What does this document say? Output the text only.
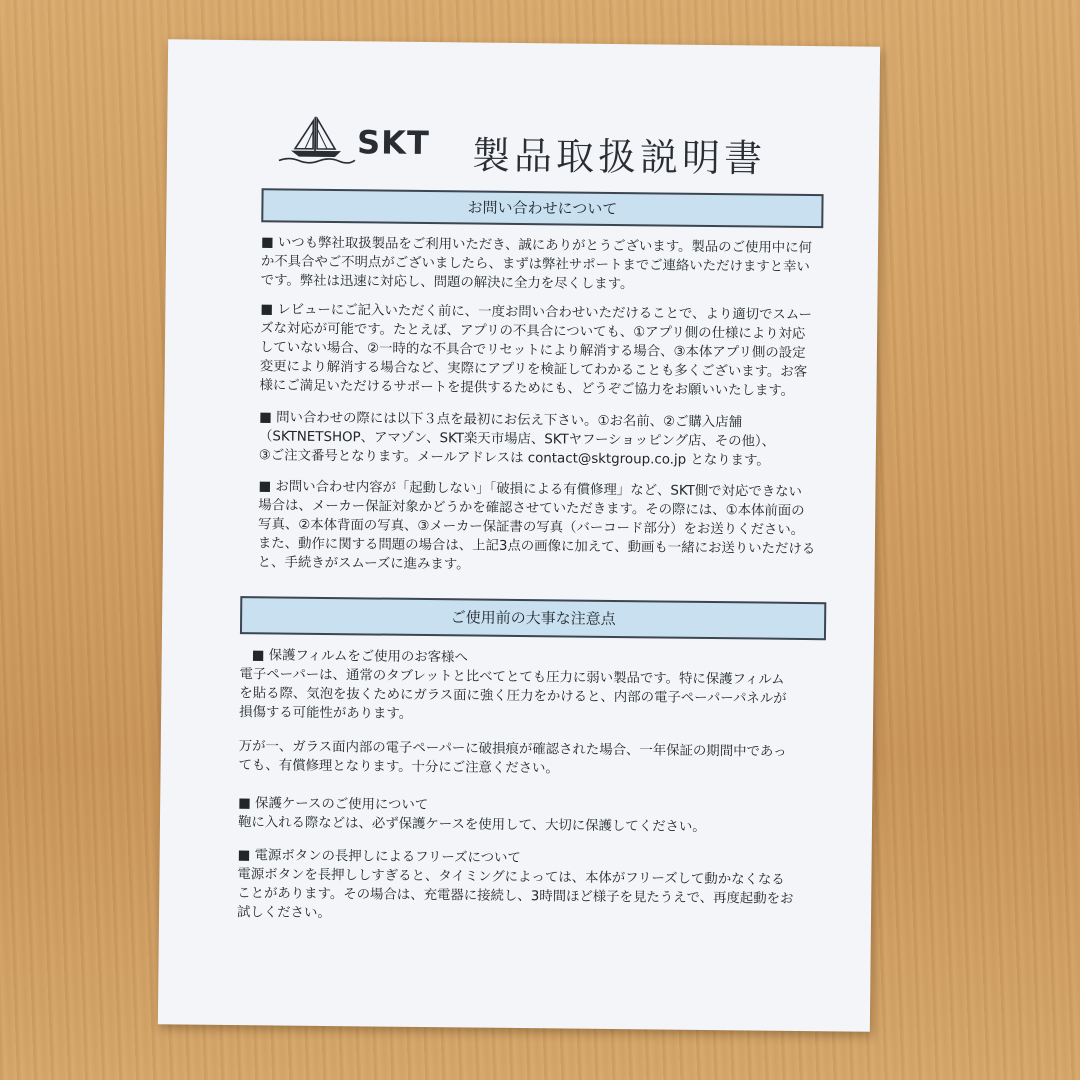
SKT 製品取扱説明書
お問い合わせについて
■ いつも弊社取扱製品をご利用いただき、誠にありがとうございます。製品のご使用中に何
か不具合やご不明点がございましたら、まずは弊社サポートまでご連絡いただけますと幸い
です。弊社は迅速に対応し、問題の解決に全力を尽くします。
■ レビューにご記入いただく前に、一度お問い合わせいただけることで、より適切でスムー
ズな対応が可能です。たとえば、アプリの不具合についても、①アプリ側の仕様により対応
していない場合、②一時的な不具合でリセットにより解消する場合、③本体アプリ側の設定
変更により解消する場合など、実際にアプリを検証してわかることも多くございます。お客
様にご満足いただけるサポートを提供するためにも、どうぞご協力をお願いいたします。
■ 問い合わせの際には以下３点を最初にお伝え下さい。①お名前、②ご購入店舗
（SKTNETSHOP、アマゾン、SKT楽天市場店、SKTヤフーショッピング店、その他）、
③ご注文番号となります。メールアドレスは contact@sktgroup.co.jp となります。
■ お問い合わせ内容が「起動しない」「破損による有償修理」など、SKT側で対応できない
場合は、メーカー保証対象かどうかを確認させていただきます。その際には、①本体前面の
写真、②本体背面の写真、③メーカー保証書の写真（バーコード部分）をお送りください。
また、動作に関する問題の場合は、上記3点の画像に加えて、動画も一緒にお送りいただける
と、手続きがスムーズに進みます。
ご使用前の大事な注意点
■ 保護フィルムをご使用のお客様へ
電子ペーパーは、通常のタブレットと比べてとても圧力に弱い製品です。特に保護フィルム
を貼る際、気泡を抜くためにガラス面に強く圧力をかけると、内部の電子ペーパーパネルが
損傷する可能性があります。
万が一、ガラス面内部の電子ペーパーに破損痕が確認された場合、一年保証の期間中であっ
ても、有償修理となります。十分にご注意ください。
■ 保護ケースのご使用について
鞄に入れる際などは、必ず保護ケースを使用して、大切に保護してください。
■ 電源ボタンの長押しによるフリーズについて
電源ボタンを長押ししすぎると、タイミングによっては、本体がフリーズして動かなくなる
ことがあります。その場合は、充電器に接続し、3時間ほど様子を見たうえで、再度起動をお
試しください。
